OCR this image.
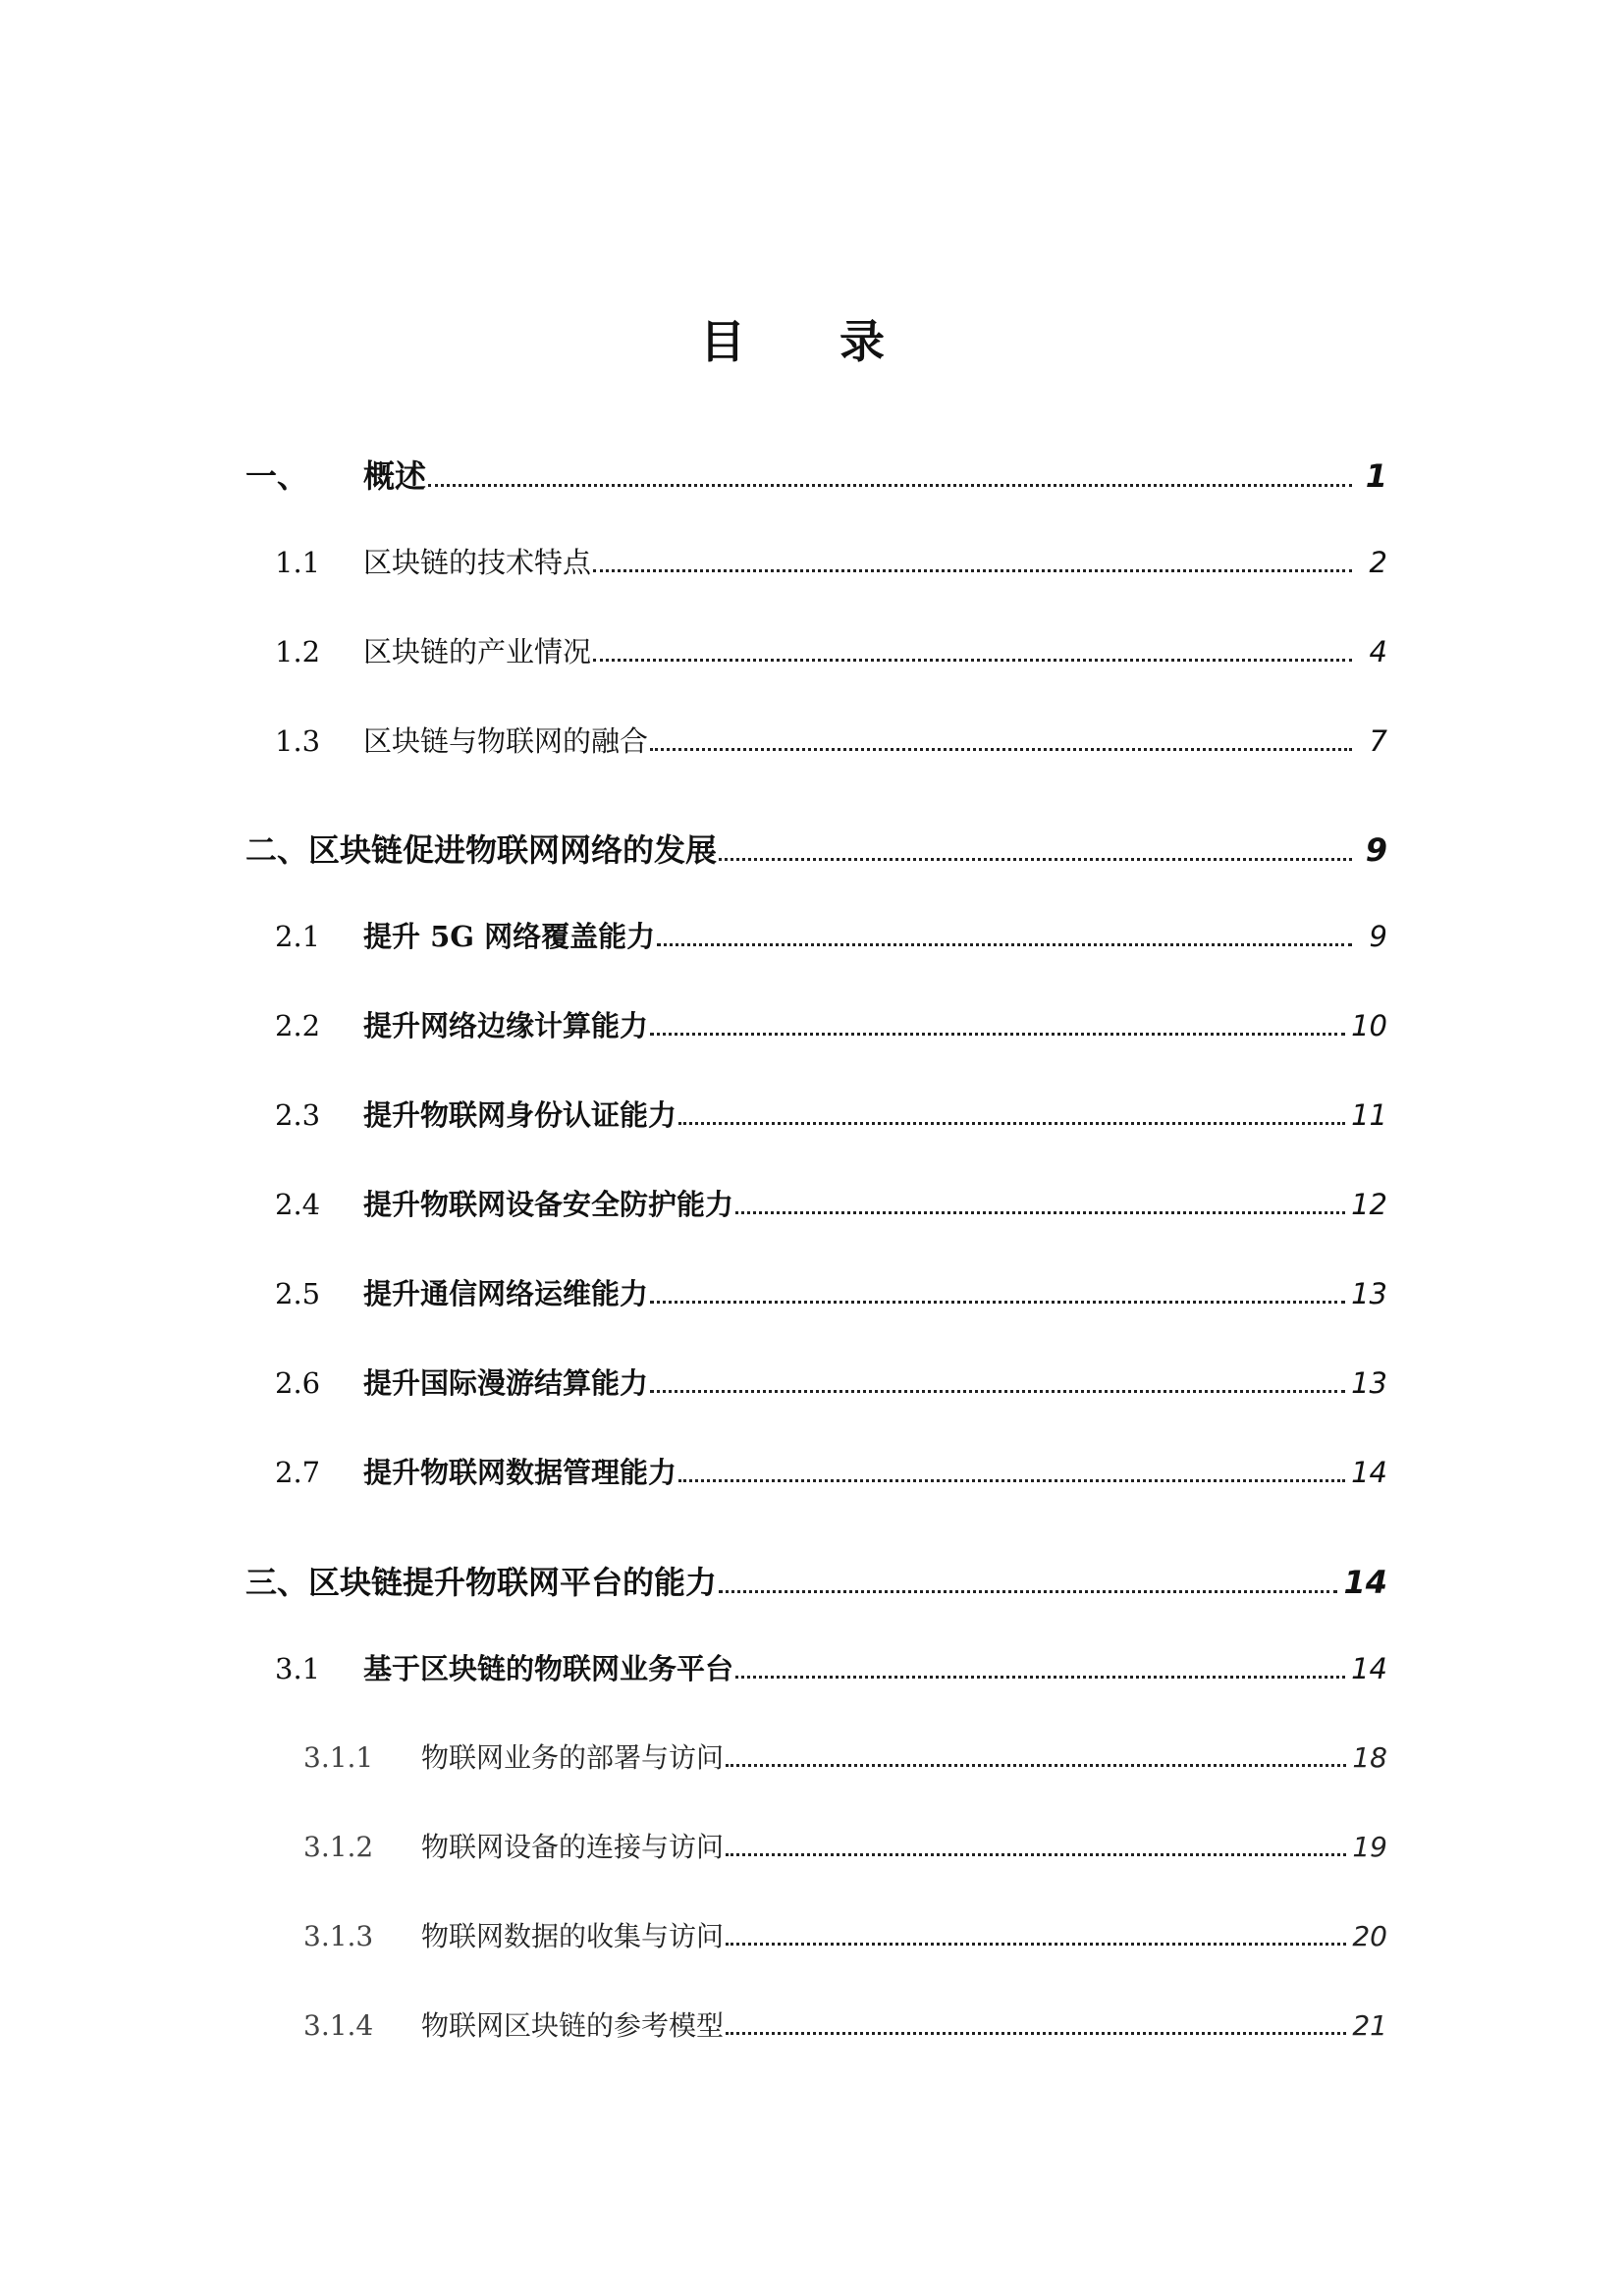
目 录
一、	概述	1
1.1	区块链的技术特点	2
1.2	区块链的产业情况	4
1.3	区块链与物联网的融合	7
二、 区块链促进物联网网络的发展	9
2.1	提升 5G 网络覆盖能力	9
2.2	提升网络边缘计算能力	10
2.3	提升物联网身份认证能力	11
2.4	提升物联网设备安全防护能力	12
2.5	提升通信网络运维能力	13
2.6	提升国际漫游结算能力	13
2.7	提升物联网数据管理能力	14
三、 区块链提升物联网平台的能力	14
3.1	基于区块链的物联网业务平台	14
3.1.1	物联网业务的部署与访问	18
3.1.2	物联网设备的连接与访问	19
3.1.3	物联网数据的收集与访问	20
3.1.4	物联网区块链的参考模型	21
